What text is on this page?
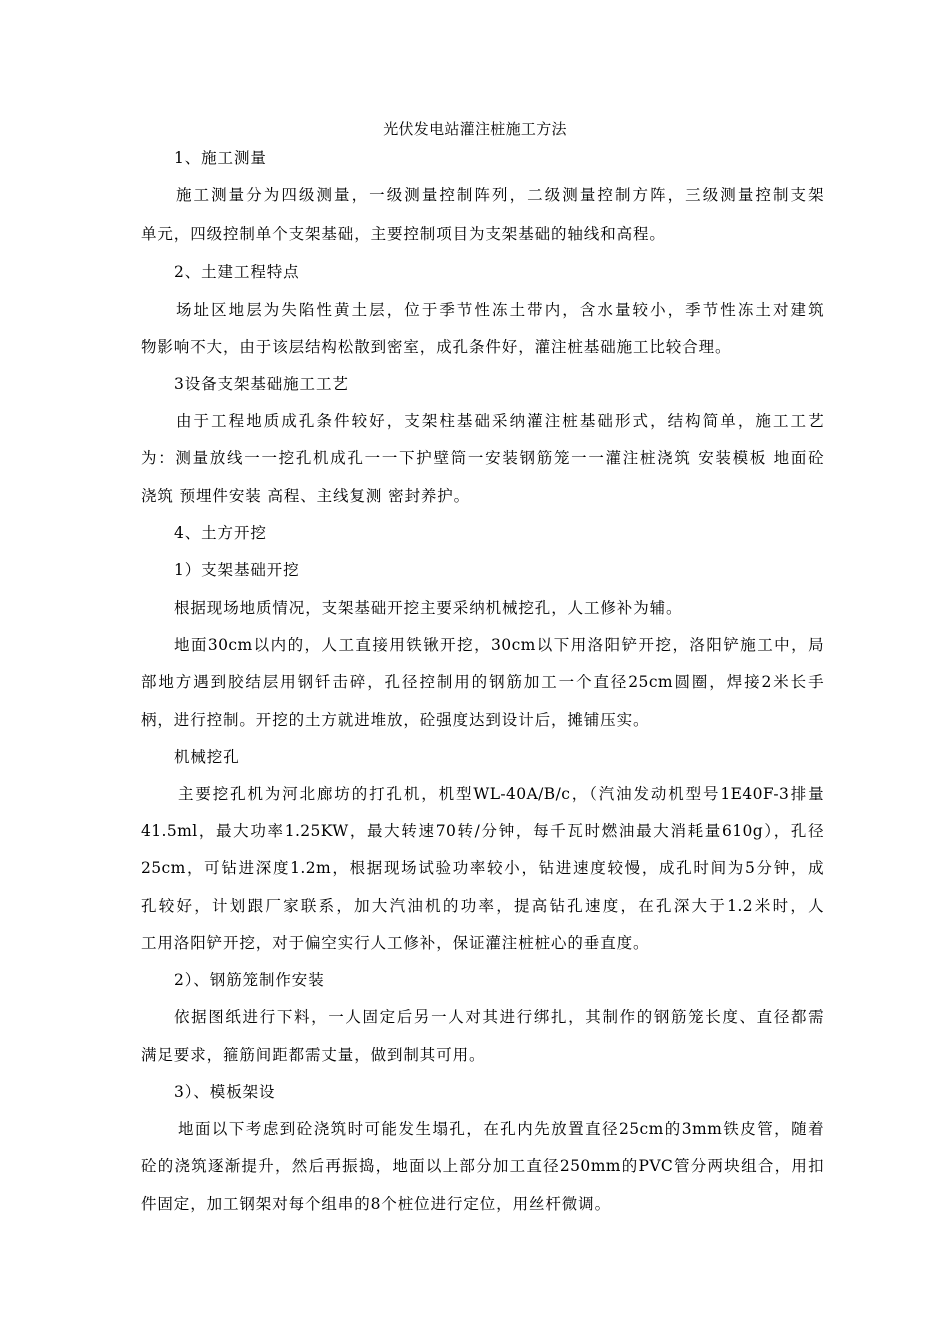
光伏发电站灌注桩施工方法
1、施工测量
施工测量分为四级测量，一级测量控制阵列，二级测量控制方阵，三级测量控制支架
单元，四级控制单个支架基础，主要控制项目为支架基础的轴线和高程。
2、土建工程特点
场址区地层为失陷性黄土层，位于季节性冻土带内，含水量较小，季节性冻土对建筑
物影响不大，由于该层结构松散到密室，成孔条件好，灌注桩基础施工比较合理。
3设备支架基础施工工艺
由于工程地质成孔条件较好，支架柱基础采纳灌注桩基础形式，结构简单，施工工艺
为：测量放线一一挖孔机成孔一一下护壁筒一安装钢筋笼一一灌注桩浇筑 安装模板 地面砼
浇筑 预埋件安装 高程、主线复测 密封养护。
4、土方开挖
1）支架基础开挖
根据现场地质情况，支架基础开挖主要采纳机械挖孔，人工修补为辅。
地面30cm以内的，人工直接用铁锹开挖，30cm以下用洛阳铲开挖，洛阳铲施工中，局
部地方遇到胶结层用钢钎击碎，孔径控制用的钢筋加工一个直径25cm圆圈，焊接2米长手
柄，进行控制。开挖的土方就进堆放，砼强度达到设计后，摊铺压实。
机械挖孔
主要挖孔机为河北廊坊的打孔机，机型WL-40A/B/c，（汽油发动机型号1E40F-3排量
41.5ml，最大功率1.25KW，最大转速70转/分钟，每千瓦时燃油最大消耗量610g），孔径
25cm，可钻进深度1.2m，根据现场试验功率较小，钻进速度较慢，成孔时间为5分钟，成
孔较好，计划跟厂家联系，加大汽油机的功率，提高钻孔速度，在孔深大于1.2米时，人
工用洛阳铲开挖，对于偏空实行人工修补，保证灌注桩桩心的垂直度。
2）、钢筋笼制作安装
依据图纸进行下料，一人固定后另一人对其进行绑扎，其制作的钢筋笼长度、直径都需
满足要求，箍筋间距都需丈量，做到制其可用。
3）、模板架设
地面以下考虑到砼浇筑时可能发生塌孔，在孔内先放置直径25cm的3mm铁皮管，随着
砼的浇筑逐渐提升，然后再振捣，地面以上部分加工直径250mm的PVC管分两块组合，用扣
件固定，加工钢架对每个组串的8个桩位进行定位，用丝杆微调。
